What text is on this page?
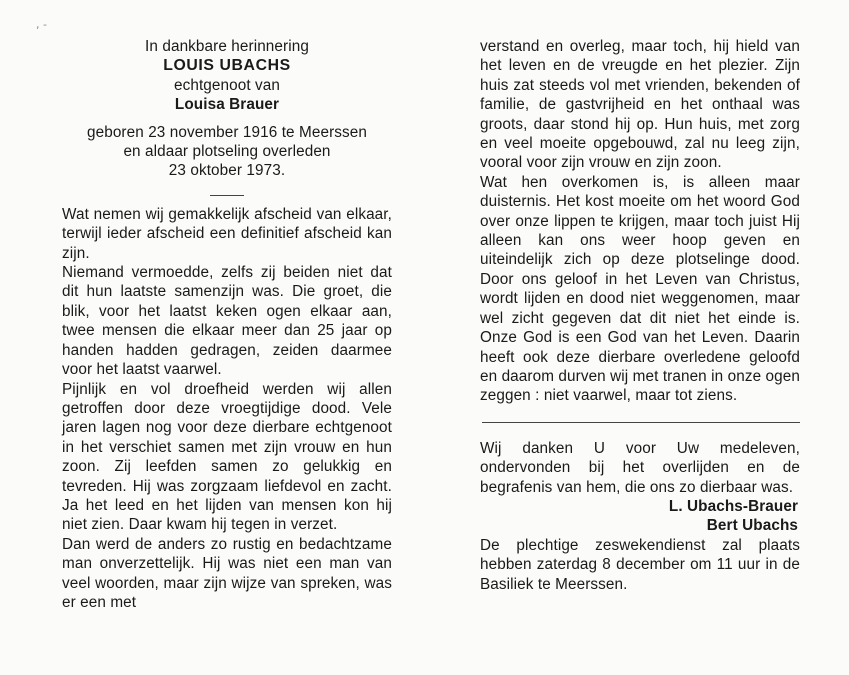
,​ -

In dankbare herinnering

LOUIS UBACHS

echtgenoot van

Louisa Brauer

geboren 23 november 1916 te Meerssen

en aldaar plotseling overleden

23 oktober 1973.

Wat nemen wij gemakkelijk afscheid van elkaar, terwijl ieder afscheid een definitief afscheid kan zijn.

Niemand vermoedde, zelfs zij beiden niet dat dit hun laatste samenzijn was. Die groet, die blik, voor het laatst keken ogen elkaar aan, twee mensen die elkaar meer dan 25 jaar op handen hadden gedragen, zeiden daarmee voor het laatst vaarwel.

Pijnlijk en vol droefheid werden wij allen getroffen door deze vroegtijdige dood. Vele jaren lagen nog voor deze dierbare echtgenoot in het verschiet samen met zijn vrouw en hun zoon. Zij leefden samen zo gelukkig en tevreden. Hij was zorgzaam liefdevol en zacht. Ja het leed en het lijden van mensen kon hij niet zien. Daar kwam hij tegen in verzet.

Dan werd de anders zo rustig en bedachtzame man onverzettelijk. Hij was niet een man van veel woorden, maar zijn wijze van spreken, was er een met

verstand en overleg, maar toch, hij hield van het leven en de vreugde en het plezier. Zijn huis zat steeds vol met vrienden, bekenden of familie, de gastvrijheid en het onthaal was groots, daar stond hij op. Hun huis, met zorg en veel moeite opgebouwd, zal nu leeg zijn, vooral voor zijn vrouw en zijn zoon.

Wat hen overkomen is, is alleen maar duisternis. Het kost moeite om het woord God over onze lippen te krijgen, maar toch juist Hij alleen kan ons weer hoop geven en uiteindelijk zich op deze plotselinge dood. Door ons geloof in het Leven van Christus, wordt lijden en dood niet weggenomen, maar wel zicht gegeven dat dit niet het einde is. Onze God is een God van het Leven. Daarin heeft ook deze dierbare overledene geloofd en daarom durven wij met tranen in onze ogen zeggen : niet vaarwel, maar tot ziens.

Wij danken U voor Uw medeleven, ondervonden bij het overlijden en de begrafenis van hem, die ons zo dierbaar was.

L. Ubachs-Brauer

Bert Ubachs

De plechtige zeswekendienst zal plaats hebben zaterdag 8 december om 11 uur in de Basiliek te Meerssen.
